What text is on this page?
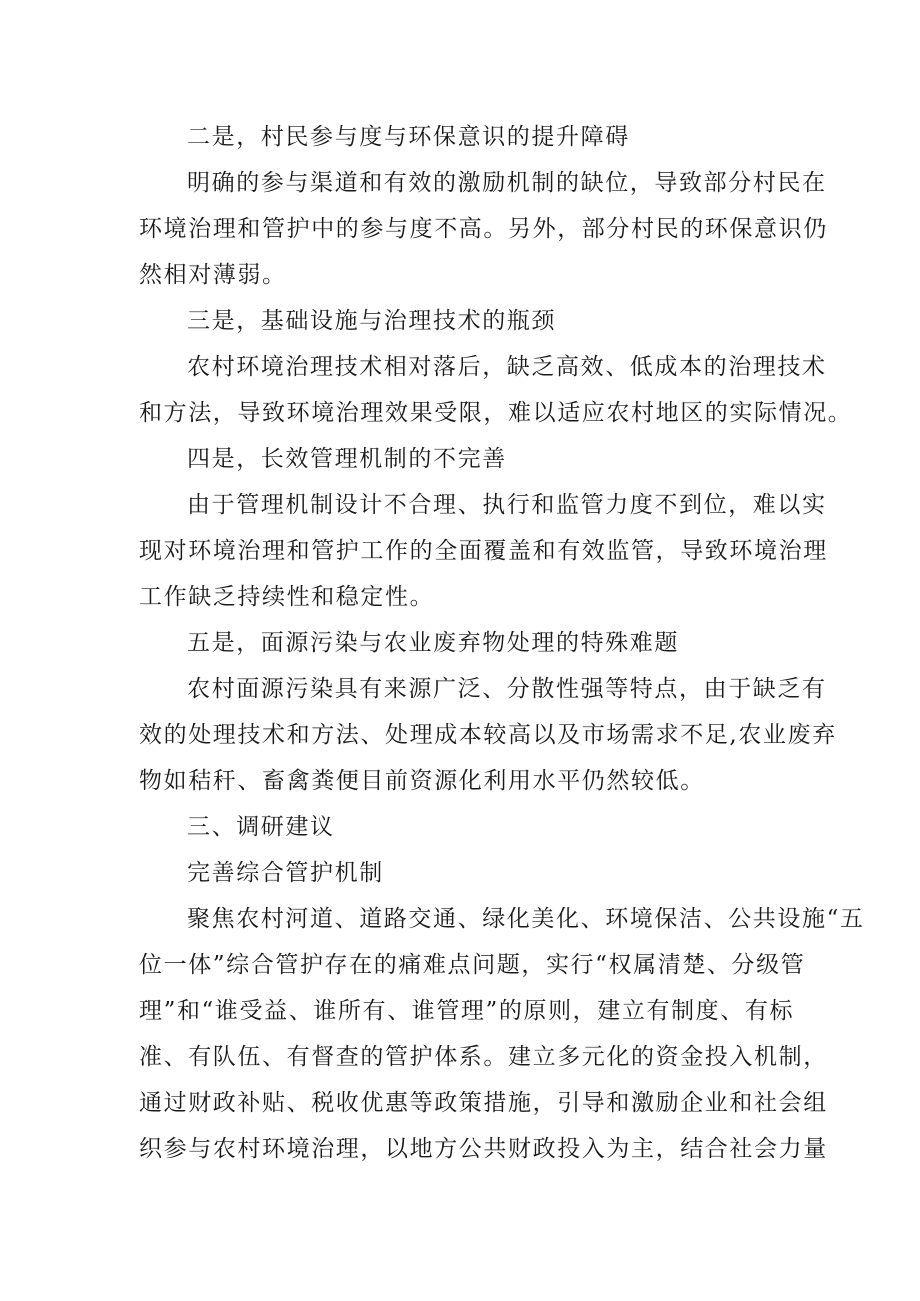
二是，村民参与度与环保意识的提升障碍
明确的参与渠道和有效的激励机制的缺位，导致部分村民在
环境治理和管护中的参与度不高。另外，部分村民的环保意识仍
然相对薄弱。
三是，基础设施与治理技术的瓶颈
农村环境治理技术相对落后，缺乏高效、低成本的治理技术
和方法，导致环境治理效果受限，难以适应农村地区的实际情况。
四是，长效管理机制的不完善
由于管理机制设计不合理、执行和监管力度不到位，难以实
现对环境治理和管护工作的全面覆盖和有效监管，导致环境治理
工作缺乏持续性和稳定性。
五是，面源污染与农业废弃物处理的特殊难题
农村面源污染具有来源广泛、分散性强等特点，由于缺乏有
效的处理技术和方法、处理成本较高以及市场需求不足,农业废弃
物如秸秆、畜禽粪便目前资源化利用水平仍然较低。
三、调研建议
完善综合管护机制
聚焦农村河道、道路交通、绿化美化、环境保洁、公共设施“五
位一体”综合管护存在的痛难点问题，实行“权属清楚、分级管
理”和“谁受益、谁所有、谁管理”的原则，建立有制度、有标
准、有队伍、有督查的管护体系。建立多元化的资金投入机制，
通过财政补贴、税收优惠等政策措施，引导和激励企业和社会组
织参与农村环境治理，以地方公共财政投入为主，结合社会力量
